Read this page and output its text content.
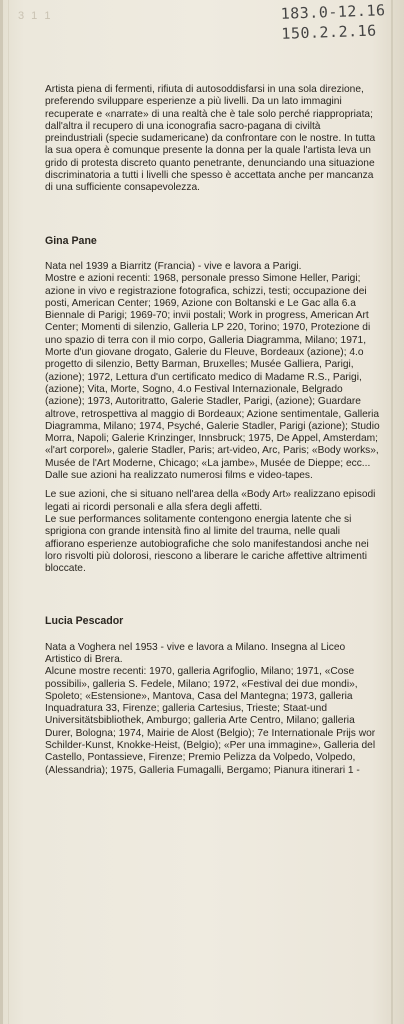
3 1 1	183.0-12.16
150.2.2.16

Artista piena di fermenti, rifiuta di autosoddisfarsi in una sola direzione, preferendo sviluppare esperienze a più livelli. Da un lato immagini recuperate e «narrate» di una realtà che è tale solo perché riappropriata; dall'altra il recupero di una iconografia sacro-pagana di civiltà preindustriali (specie sudamericane) da confrontare con le nostre. In tutta la sua opera è comunque presente la donna per la quale l'artista leva un grido di protesta discreto quanto penetrante, denunciando una situazione discriminatoria a tutti i livelli che spesso è accettata anche per mancanza di una sufficiente consapevolezza.

Gina Pane

Nata nel 1939 a Biarritz (Francia) - vive e lavora a Parigi.

Mostre e azioni recenti: 1968, personale presso Simone Heller, Parigi; azione in vivo e registrazione fotografica, schizzi, testi; occupazione dei posti, American Center; 1969, Azione con Boltanski e Le Gac alla 6.a Biennale di Parigi; 1969-70; invii postali; Work in progress, American Art Center; Momenti di silenzio, Galleria LP 220, Torino; 1970, Protezione di uno spazio di terra con il mio corpo, Galleria Diagramma, Milano; 1971, Morte d'un giovane drogato, Galerie du Fleuve, Bordeaux (azione); 4.o progetto di silenzio, Betty Barman, Bruxelles; Musée Galliera, Parigi, (azione); 1972, Lettura d'un certificato medico di Madame R.S., Parigi, (azione); Vita, Morte, Sogno, 4.o Festival Internazionale, Belgrado (azione); 1973, Autoritratto, Galerie Stadler, Parigi, (azione); Guardare altrove, retrospettiva al maggio di Bordeaux; Azione sentimentale, Galleria Diagramma, Milano; 1974, Psyché, Galerie Stadler, Parigi (azione); Studio Morra, Napoli; Galerie Krinzinger, Innsbruck; 1975, De Appel, Amsterdam; «l'art corporel», galerie Stadler, Paris; art-video, Arc, Paris; «Body works», Musée de l'Art Moderne, Chicago; «La jambe», Musée de Dieppe; ecc...

Dalle sue azioni ha realizzato numerosi films e video-tapes.

Le sue azioni, che si situano nell'area della «Body Art» realizzano episodi legati ai ricordi personali e alla sfera degli affetti.

Le sue performances solitamente contengono energia latente che si sprigiona con grande intensità fino al limite del trauma, nelle quali affiorano esperienze autobiografiche che solo manifestandosi anche nei loro risvolti più dolorosi, riescono a liberare le cariche affettive altrimenti bloccate.

Lucia Pescador

Nata a Voghera nel 1953 - vive e lavora a Milano. Insegna al Liceo Artistico di Brera.

Alcune mostre recenti: 1970, galleria Agrifoglio, Milano; 1971, «Cose possibili», galleria S. Fedele, Milano; 1972, «Festival dei due mondi», Spoleto; «Estensione», Mantova, Casa del Mantegna; 1973, galleria Inquadratura 33, Firenze; galleria Cartesius, Trieste; Staat-und Universitätsbibliothek, Amburgo; galleria Arte Centro, Milano; galleria Durer, Bologna; 1974, Mairie de Alost (Belgio); 7e Internationale Prijs wor Schilder-Kunst, Knokke-Heist, (Belgio); «Per una immagine», Galleria del Castello, Pontassieve, Firenze; Premio Pelizza da Volpedo, Volpedo, (Alessandria); 1975, Galleria Fumagalli, Bergamo; Pianura itinerari 1 -
